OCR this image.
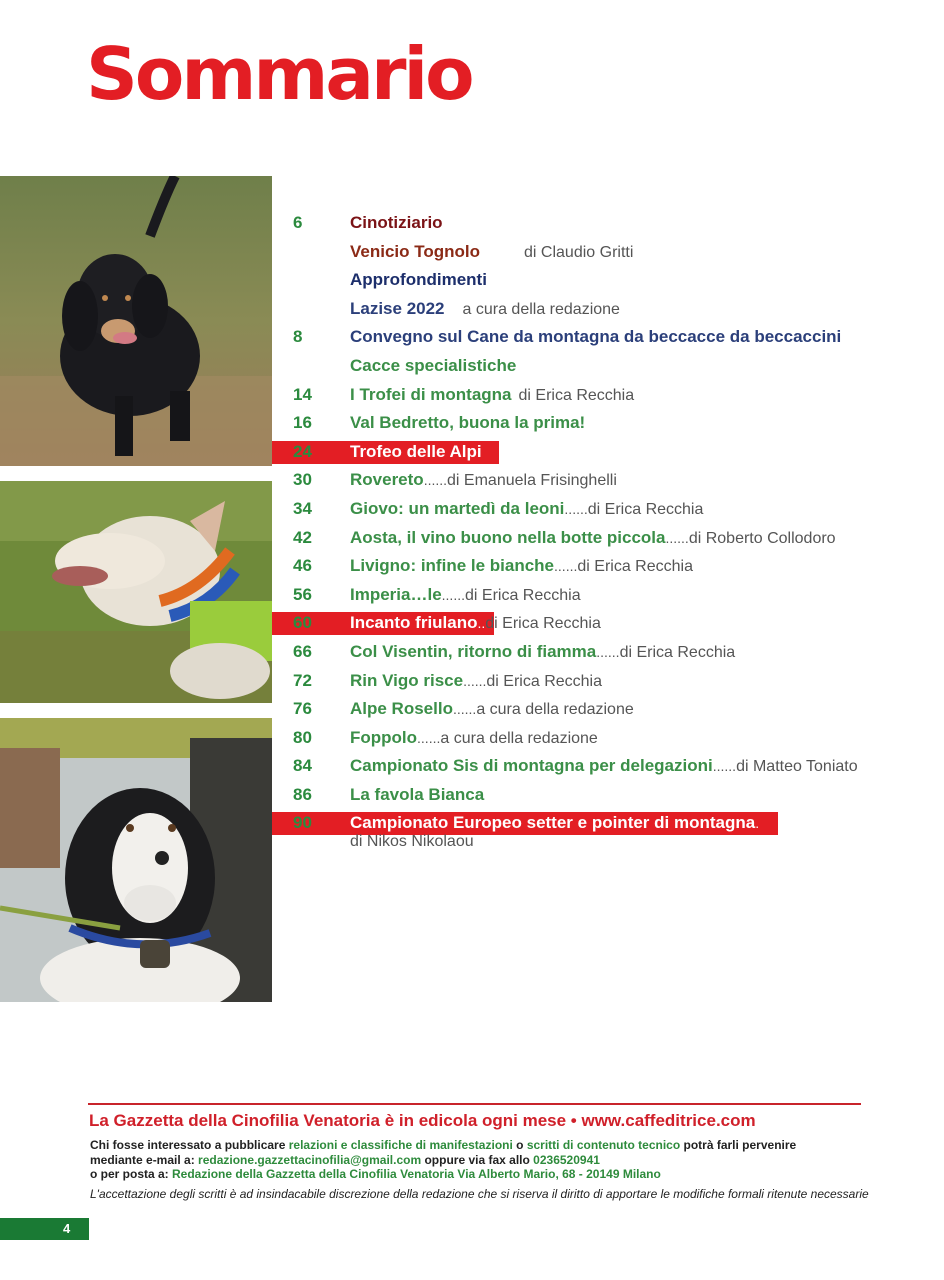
Sommario
6	Cinotiziario
Venicio Tognolo	di Claudio Gritti
Approfondimenti
Lazise 2022 a cura della redazione
8	Convegno sul Cane da montagna da beccacce da beccaccini
Cacce specialistiche
14 I Trofei di montagna di Erica Recchia
16 Val Bedretto, buona la prima!
24 Trofeo delle Alpi
30 Rovereto......di Emanuela Frisinghelli
34 Giovo: un martedì da leoni......di Erica Recchia
42 Aosta, il vino buono nella botte piccola......di Roberto Collodoro
46 Livigno: infine le bianche......di Erica Recchia
56 Imperia…le......di Erica Recchia
60 Incanto friulano..di Erica Recchia
66 Col Visentin, ritorno di fiamma......di Erica Recchia
72 Rin Vigo risce......di Erica Recchia
76 Alpe Rosello......a cura della redazione
80 Foppolo......a cura della redazione
84 Campionato Sis di montagna per delegazioni......di Matteo Toniato
86 La favola Bianca
90 Campionato Europeo setter e pointer di montagna.
di Nikos Nikolaou
La Gazzetta della Cinofilia Venatoria è in edicola ogni mese • www.caffeditrice.com
Chi fosse interessato a pubblicare relazioni e classifiche di manifestazioni o scritti di contenuto tecnico potrà farli pervenire
mediante e-mail a: redazione.gazzettacinofilia@gmail.com oppure via fax allo 0236520941
o per posta a: Redazione della Gazzetta della Cinofilia Venatoria Via Alberto Mario, 68 - 20149 Milano
L'accettazione degli scritti è ad insindacabile discrezione della redazione che si riserva il diritto di apportare le modifiche formali ritenute necessarie
4
